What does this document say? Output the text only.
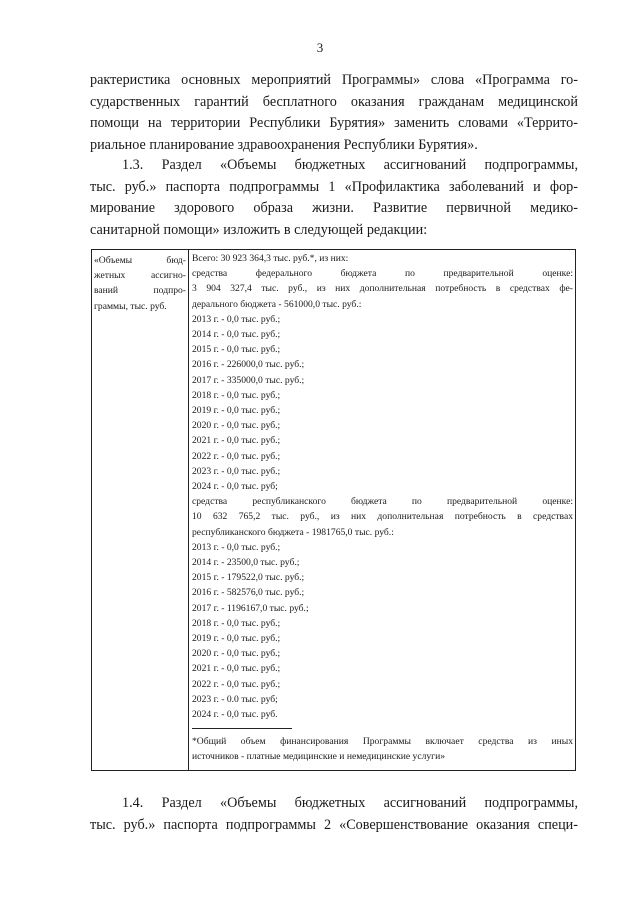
3
рактеристика основных мероприятий Программы» слова «Программа го-
сударственных гарантий бесплатного оказания гражданам медицинской
помощи на территории Республики Бурятия» заменить словами «Террито-
риальное планирование здравоохранения Республики Бурятия».
1.3. Раздел «Объемы бюджетных ассигнований подпрограммы,
тыс. руб.» паспорта подпрограммы 1 «Профилактика заболеваний и фор-
мирование здорового образа жизни. Развитие первичной медико-
санитарной помощи» изложить в следующей редакции:
«Объемы бюд-
жетных ассигно-
ваний подпро-
граммы, тыс. руб.
Всего: 30 923 364,3 тыс. руб.*, из них:
средства федерального бюджета по предварительной оценке:
3 904 327,4 тыс. руб., из них дополнительная потребность в средствах фе-
дерального бюджета - 561000,0 тыс. руб.:
2013 г. - 0,0 тыс. руб.;
2014 г. - 0,0 тыс. руб.;
2015 г. - 0,0 тыс. руб.;
2016 г. - 226000,0 тыс. руб.;
2017 г. - 335000,0 тыс. руб.;
2018 г. - 0,0 тыс. руб.;
2019 г. - 0,0 тыс. руб.;
2020 г. - 0,0 тыс. руб.;
2021 г. - 0,0 тыс. руб.;
2022 г. - 0,0 тыс. руб.;
2023 г. - 0,0 тыс. руб.;
2024 г. - 0,0 тыс. руб;
средства республиканского бюджета по предварительной оценке:
10 632 765,2 тыс. руб., из них дополнительная потребность в средствах
республиканского бюджета - 1981765,0 тыс. руб.:
2013 г. - 0,0 тыс. руб.;
2014 г. - 23500,0 тыс. руб.;
2015 г. - 179522,0 тыс. руб.;
2016 г. - 582576,0 тыс. руб.;
2017 г. - 1196167,0 тыс. руб.;
2018 г. - 0,0 тыс. руб.;
2019 г. - 0,0 тыс. руб.;
2020 г. - 0,0 тыс. руб.;
2021 г. - 0,0 тыс. руб.;
2022 г. - 0,0 тыс. руб.;
2023 г. - 0.0 тыс. руб;
2024 г. - 0,0 тыс. руб.
*Общий объем финансирования Программы включает средства из иных
источников - платные медицинские и немедицинские услуги»
1.4. Раздел «Объемы бюджетных ассигнований подпрограммы,
тыс. руб.» паспорта подпрограммы 2 «Совершенствование оказания специ-
